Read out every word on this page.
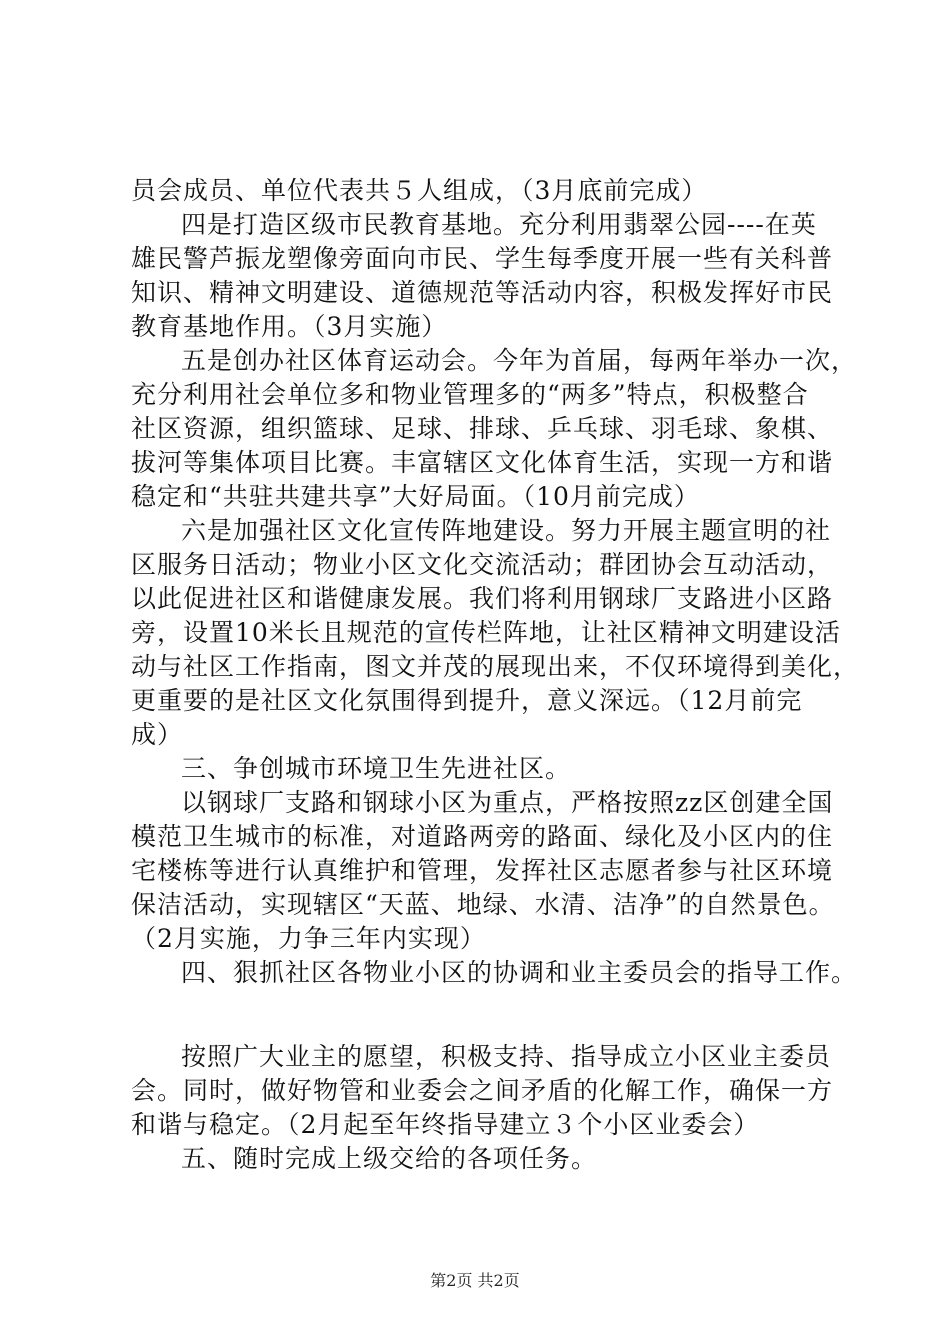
员会成员、单位代表共５人组成，（3月底前完成）
四是打造区级市民教育基地。充分利用翡翠公园----在英
雄民警芦振龙塑像旁面向市民、学生每季度开展一些有关科普
知识、精神文明建设、道德规范等活动内容，积极发挥好市民
教育基地作用。（3月实施）
五是创办社区体育运动会。今年为首届，每两年举办一次，
充分利用社会单位多和物业管理多的“两多”特点，积极整合
社区资源，组织篮球、足球、排球、乒乓球、羽毛球、象棋、
拔河等集体项目比赛。丰富辖区文化体育生活，实现一方和谐
稳定和“共驻共建共享”大好局面。（10月前完成）
六是加强社区文化宣传阵地建设。努力开展主题宣明的社
区服务日活动；物业小区文化交流活动；群团协会互动活动，
以此促进社区和谐健康发展。我们将利用钢球厂支路进小区路
旁，设置10米长且规范的宣传栏阵地，让社区精神文明建设活
动与社区工作指南，图文并茂的展现出来，不仅环境得到美化，
更重要的是社区文化氛围得到提升，意义深远。（12月前完
成）
三、争创城市环境卫生先进社区。
以钢球厂支路和钢球小区为重点，严格按照zz区创建全国
模范卫生城市的标准，对道路两旁的路面、绿化及小区内的住
宅楼栋等进行认真维护和管理，发挥社区志愿者参与社区环境
保洁活动，实现辖区“天蓝、地绿、水清、洁净”的自然景色。
（2月实施，力争三年内实现）
四、狠抓社区各物业小区的协调和业主委员会的指导工作。
按照广大业主的愿望，积极支持、指导成立小区业主委员
会。同时，做好物管和业委会之间矛盾的化解工作，确保一方
和谐与稳定。（2月起至年终指导建立３个小区业委会）
五、随时完成上级交给的各项任务。
第2页 共2页
